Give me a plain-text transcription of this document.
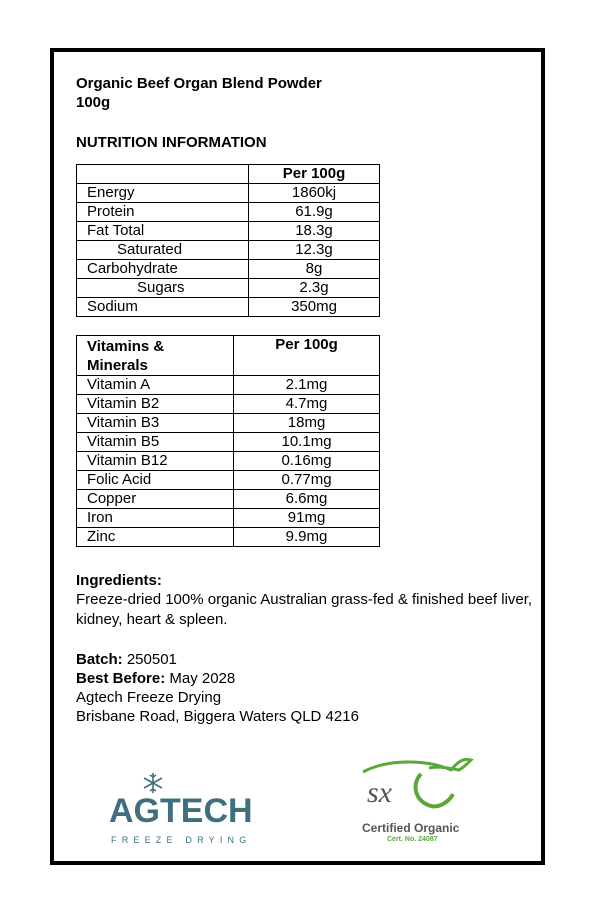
Organic Beef Organ Blend Powder

100g

NUTRITION INFORMATION

	Per 100g
Energy	1860kj
Protein	61.9g
Fat Total	18.3g
Saturated	12.3g
Carbohydrate	8g
Sugars	2.3g
Sodium	350mg
Vitamins & Minerals	Per 100g
Vitamin A	2.1mg
Vitamin B2	4.7mg
Vitamin B3	18mg
Vitamin B5	10.1mg
Vitamin B12	0.16mg
Folic Acid	0.77mg
Copper	6.6mg
Iron	91mg
Zinc	9.9mg

Ingredients:

Freeze-dried 100% organic Australian grass-fed & finished beef liver, kidney, heart & spleen.

Batch: 250501

Best Before: May 2028

Agtech Freeze Drying

Brisbane Road, Biggera Waters QLD 4216

AGTECH
FREEZE DRYING
sx
Certified Organic
Cert. No. 24087
